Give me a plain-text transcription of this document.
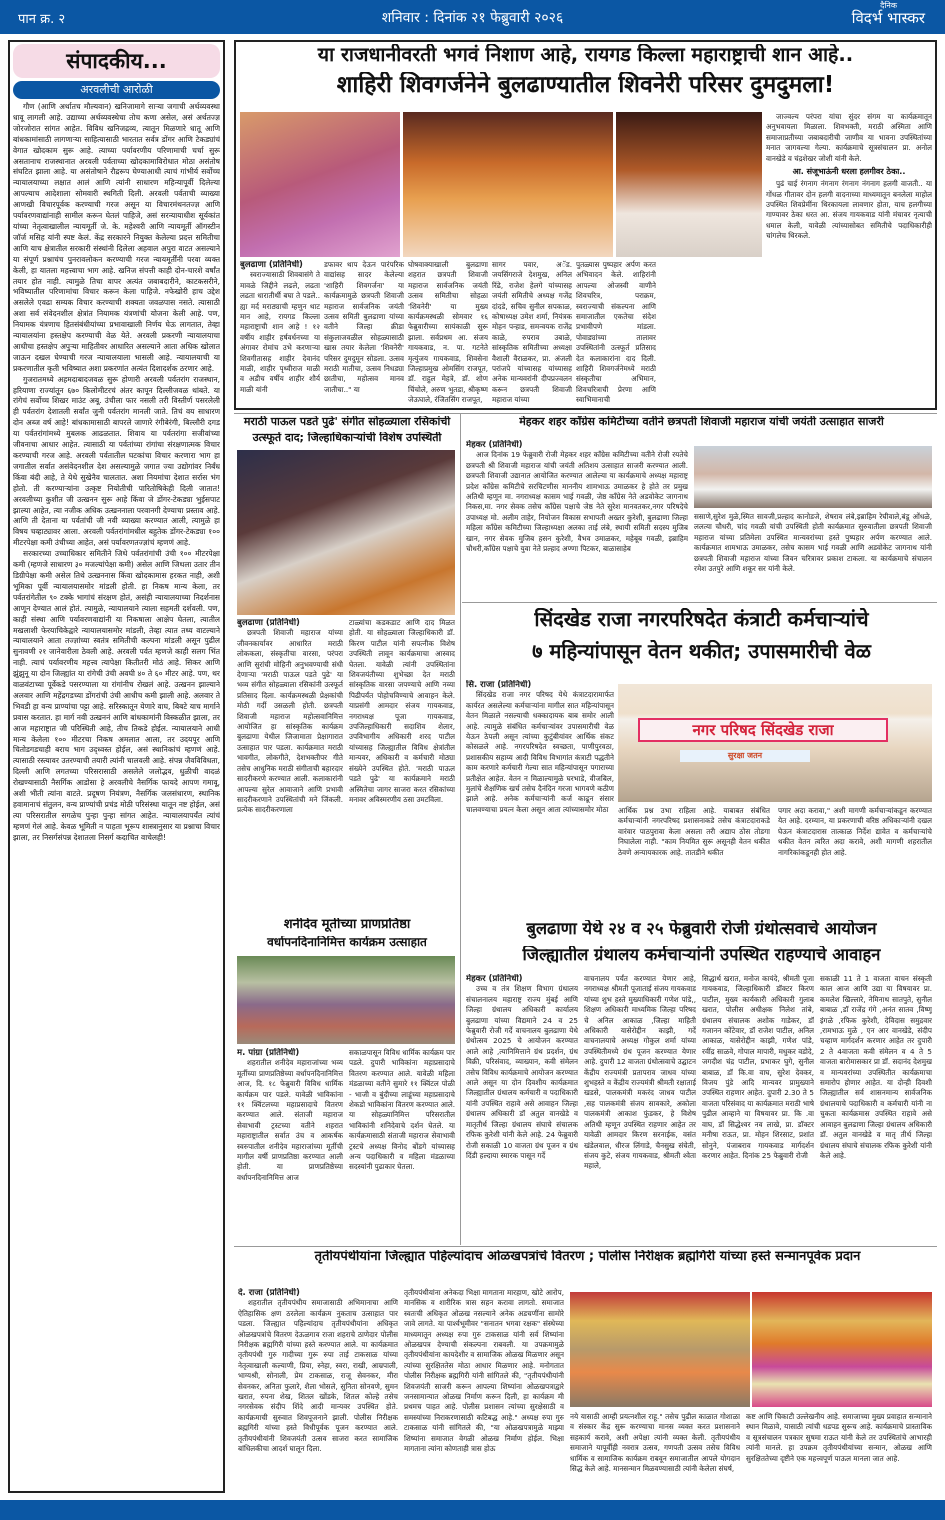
पान क्र. २	शनिवार : दिनांक २१ फेब्रुवारी २०२६
दैनिक
विदर्भ भास्कर
संपादकीय...
अरवलीची आरोळी

गौण (आणि अर्थातच मौल्यवान) खनिजामागे साऱ्या जगाची अर्थव्यवस्था धावू लागली आहे. उद्याच्या अर्थव्यवस्थेचा तोच कणा असेल, असं अर्थतज्ज्ञ जोरजोरात सांगत आहेत. विविध खनिजद्रव्य, त्यातून मिळणारे धातू आणि बांधकामांसाठी लागणाऱ्या साहित्यासाठी भारतात सर्वत्र डोंगर आणि टेकड्यांचं वेगात खोदकाम सुरू आहे. त्याच्या पर्यावरणीय परिणामाची चर्चा सुरू असतानाच राजस्थानात अरवली पर्वताच्या खोदकामाविरोधात मोठा असंतोष संघटित झाला आहे. या असंतोषाने रौद्ररूप घेण्याआधी त्याचं गांभीर्य सर्वोच्च न्यायालयाच्या लक्षात आलं आणि त्यांनी साधारण महिन्यापूर्वी दिलेल्या आपल्याच आदेशाला सोमवारी स्थगिती दिली. अरवली पर्वताची व्याख्या आणखी विचारपूर्वक करण्याची गरज असून या विचारमंथनतज्ज्ञ आणि पर्यावरणवाद्यांनाही सामील करून घेतलं पाहिजे, असं सरन्यायाधीश सूर्यकांत यांच्या नेतृत्वाखालील न्यायमूर्ती जे. के. महेश्वरी आणि न्यायमूर्ती ऑगस्टीन जॉर्ज मसिह यांनी स्पष्ट केलं. केंद्र सरकारने नियुक्त केलेल्या प्रदत्त समितीचा आणि याच क्षेत्रातील सरकारी संस्थांनी दिलेला अहवाल अपुरा वाटत असल्याने या संपूर्ण प्रश्नाचंच पुनरावलोकन करण्याची गरज न्यायमूर्तींनी परवा व्यक्त केली, हा यातला महत्त्वाचा भाग आहे. खनिज संपत्ती काही दोन-चारशे वर्षांत तयार होत नाही. त्यामुळे तिचा वापर अत्यंत जबाबदारीने, काटकसरीने, भविष्यातील परिणामांचा विचार करून केला पाहिजे. नफेखोरी हाच उद्देश असलेले एवढा सम्यक विचार करण्याची शक्यता जवळपास नसते. त्यासाठी अशा सर्व संवेदनशील क्षेत्रांत नियामक यंत्रणांची योजना केली आहे. पण, नियामक यंत्रणाच हितसंबंधीयांच्या प्रभावाखाली निर्णय घेऊ लागतात, तेव्हा न्यायालयांना हस्तक्षेप करण्याची वेळ येते. अरवली प्रकरणी न्यायालयाचा आधीचा हस्तक्षेप अपुऱ्या माहितीवर आधारित असल्याने आता अधिक खोलात जाऊन दखल घेण्याची गरज न्यायालयाला भासली आहे. न्यायालयाची या प्रकरणातील कृती भविष्यात अशा प्रकरणांत अत्यंत दिशादर्शक ठरणार आहे.

गुजरातमध्ये अहमदाबादजवळ सुरू होणारी अरवली पर्वतरांग राजस्थान, हरियाणा राज्यांतून ६७० किलोमीटरचं अंतर कापून दिल्लीजवळ थांबते. या रांगेचं सर्वोच्च शिखर माउंट अबू. उंचीला फार नसली तरी विस्तीर्ण पसरलेली ही पर्वतरांग देशातली सर्वांत जुनी पर्वतरांग मानली जाते. तिचं वय साधारण दोन अब्ज वर्ष आहे! बांधकामासाठी बापरले जाणारे रंगीबेरंगी, बिल्लौरी दगड या पर्वतरांगांमध्ये मुबलक आढळतात. शिवाय या पर्वतरांगा सजीवांच्या जीवनाचा आधार आहेत. त्यासाठी या पर्वतांच्या रांगांचा संरक्षणात्मक विचार करण्याची गरज आहे. अरवली पर्वतातील घटकांचा विचार करणारा भाग हा जगातील सर्वात असंवेदनशील देश असल्यामुळे जगात ज्या उद्योगांवर निर्बंध किंवा बंदी आहे, ते येथे सुखेनैव चालतात. अशा नियमांचा देशात सर्रास भंग होतो. ती करण्याऱ्यांना उत्कृष्ट नियोतीची पारितोषिकेही दिली जातात! अरवलीच्या कुशीत जी उत्खनन सुरू आहे किंवा जे डोंगर-टेकड्या भुईसपाट झाल्या आहेत, त्या नजीक अधिक उत्खननाला परवानगी देण्याचा प्रस्ताव आहे. आणि ती देताना या पर्वतांची जी नवी व्याख्या करण्यात आली, त्यामुळे हा विषय चव्हाट्यावर आला. अरवली पर्वतरांगांमधील बहुतेक डोंगर-टेकड्या १०० मीटरपेक्षा कमी उंचीच्या आहेत, असं पर्यावरणतज्ज्ञांचं म्हणणं आहे.

सरकारच्या उच्चाधिकार समितीने जिथे पर्वतरांगांची उंची १०० मीटरपेक्षा कमी (म्हणजे साधारण ३० मजल्यांपेक्षा कमी) असेल आणि जिथला उतार तीन डिग्रीपेक्षा कमी असेल तिथे उत्खननास किंवा खोदकामास हरकत नाही, अशी भूमिका पूर्वी न्यायालयासमोर मांडली होती. हा निकष मान्य केला, तर पर्वतरांगेतील ९० टक्के भागांचं संरक्षण होतं, असंही न्यायालयाच्या निदर्शनास आणून देण्यात आलं होतं. त्यामुळे, न्यायालयाने त्याला सहमती दर्शवली. पण, काही संस्था आणि पर्यावरणवाद्यांनी या निकषाला आक्षेप घेतला, त्यातील मखलाशी फेरयाचिकेद्वारे न्यायालयासमोर मांडली, तेव्हा त्यात तथ्य वाटल्याने न्यायालयाने आता तज्ज्ञांच्या स्वतंत्र समितीची कल्पना मांडली असून पुढील सुनावणी २१ जानेवारीला ठेवली आहे. अरवली पर्वत म्हणजे काही सलग भिंत नाही. त्याचं पर्यावरणीय महत्त्व त्यापेक्षा कितीतरी मोठं आहे. सिकर आणि झुंझुनू या दोन जिल्ह्यांत या रांगेची उंची अवघी ४० ते ६० मीटर आहे. पण, थर वाळवंटाच्या पूर्वेकडे पसरण्याला या रांगांनीच रोखलं आहे. उत्खनन झाल्याने अलवार आणि महेंद्रगडच्या डोंगरांची उंची आधीच कमी झाली आहे. अलवार ते भिवडी हा वन्य प्राण्यांचा पट्टा आहे. सरिस्कातून येणारे वाघ, बिबटे याच मार्गाने प्रवास करतात. हा मार्ग नवी उत्खननं आणि बांधकामांनी विस्कळीत झाला, तर आज महाराष्ट्रात जी परिस्थिती आहे, तीच तिकडे होईल. न्यायालयाने आधी मान्य केलेला १०० मीटरचा निकष अमलात आला, तर उदयपूर आणि चितोडगडचाही बराच भाग उद्ध्वस्त होईल, असं स्थानिकांचं म्हणणं आहे. त्यासाठी रस्त्यावर उतरण्याची तयारी त्यांनी चालवली आहे. संपन्न जैवविविधता, दिल्ली आणि लगतच्या परिसरासाठी असलेले जलोद्भव, धुळीची वादळं रोखण्यासाठी नैसर्गिक आडोसा हे अरवलीचे नैसर्गिक फायदे आपण गमावू, अशी भीती त्यांना वाटते. प्रदूषण नियंत्रण, नैसर्गिक जलसंधारण, स्थानिक हवामानाचं संतुलन, वन्य प्राण्यांची प्रचंड मोठी परिसंस्था यातून नष्ट होईल, असं त्या परिसरातील सगळेच पुन्हा पुन्हा सांगत आहेत. न्यायालयापर्यंत त्यांचं म्हणणं गेलं आहे. केवळ भूमिती न पाहता भूरूप शास्त्रानुसार या प्रश्नाचा विचार झाला, तर निसर्गसंपन्न देशातला निसर्ग कदाचित वाचेलही!

या राजधानीवरती भगवं निशाण आहे, रायगड किल्ला महाराष्ट्राची शान आहे..
शाहिरी शिवगर्जनेने बुलढाण्यातील शिवनेरी परिसर दुमदुमला!
बुलढाणा (प्रतिनिधी)

स्वराज्यासाठी शिवबासंगे ते मावळे जिद्दीने लढले, लढता लढता धारातीर्थी बघा ते पडले.. ह्या मर्द मराठ्याची म्हणुन थाट मान आहे, रायगड किल्ला महाराष्ट्राची शान आहे ! १२ वर्षीय शाहीर हर्षवर्धनच्या या अंगावर रोमांच उभे करणाऱ्या शिवगीतासह शाहीर देवानंद माळी, शाहीर पृथ्वीराज माळी व अडीच वर्षीय शाहीर शौर्य माळी यांनी

डफावर थाप देऊन पारंपरिक वाद्यांसह सादर केलेल्या 'शाहिरी शिवगर्जना' या कार्यक्रमामुळे छत्रपती शिवाजी महाराज सार्वजनिक जयंती उत्सव समिती बुलढाणा यांच्या वतीने जिल्हा क्रीडा संकुलाजवळील सोहळ्यासाठी खास तयार केलेला 'शिवनेरी' परिसर दुमदुमून सोडला. उत्सव मराठी मातीचा, उत्सव निधड्या छातीचा, महोत्सव मानव जातीचा.." या

घोषवाक्याखाली बुलढाणा शहरात छत्रपती शिवाजी महाराज सार्वजनिक जयंती उत्सव समितीचा सोहळा 'शिवनेरी' या मुख्य कार्यक्रमस्थळी सोमवार १६ फेब्रुवारीच्या सायंकाळी सुरू झाला. सर्वप्रथम आ. संजय गायकवाड, न. पा. गटनेते मृत्युंजय गायकवाड, शिवसेना जिल्हाप्रमुख ओमसिंग राजपूत, डॉ. राहुल मेहत्रे, डॉ. शोण चिंचोले, अरुण भुतडा, श्रीकृष्ण जेऊघाले, रंजितसिंग राजपूत,

सागर पवार, अॅड. जयसिंगराजे देशमुख, अनिल रिंढे, राजेश हेलगे यांच्यासह जयंती समितीचे अध्यक्ष गजेंद्र दांदडे, सचिव सुनील सपकाळ, कोषाध्यक्ष उमेश शर्मा, नियंत्रक मोहन पन्हाड, समन्वयक राजेंद्र काळे, रुपराव उबाळे, सांस्कृतिक समितीच्या अध्यक्षा वैशाली वैराळकर, प्रा. अंजली परांजपे यांच्यासह यांच्यासह अनेक मान्यवरांनी दीपप्रज्वलन करून छत्रपती शिवाजी महाराज यांच्या

पुतळ्यास पुष्पहार अर्पण करत अभिवादन केले. शाहिरांनी आपल्या ओजस्वी वाणीने शिवचरित्र, पराक्रम, स्वराज्याची संकल्पना आणि समाजातील एकतेचा संदेश प्रभावीपणे मांडला. पोवाड्यांच्या तालावर उपस्थितांनी उत्स्फूर्त प्रतिसाद देत कलाकारांना दाद दिली. शाहिरी शिवगर्जनेमध्ये मराठी संस्कृतीचा अभिमान, शिवचरित्राची प्रेरणा आणि स्वाभिमानाची

जाज्वल्य परंपरा यांचा सुंदर संगम या कार्यक्रमातून अनुभवायला मिळाला. शिवभक्ती, मराठी अस्मिता आणि समाजाप्रतीच्या जबाबदारीची जाणीव या भावना उपस्थितांच्या मनात जागवल्या गेल्या. कार्यक्रमाचे सूत्रसंचालन प्रा. अनोल वानखेडे व चंद्रशेखर जोशी यांनी केले.

आ. संजूभाऊंनी धरला हलगीवर ठेका..

पुढं चाई रंगनाग नंगनाग रंगनाग नंगनाग हलगी वाजती.. या गोंधळ गीतावर दोन हलगी वादनाच्या माध्यमातून बनलेला माहोल उपस्थित शिवप्रेमींना थिरकायला लावणार होता, याच हलगीच्या गाण्यावर ठेका धरत आ. संजय गायकवाड यांनी मंचावर नृत्याची धमाल केली, यावेळी त्यांच्यासोबत समितीचे पदाधिकारीही चांगलेच थिरकले.

मराठी पाऊल पडते पुढे' संगीत सोहळ्याला रसिकांची
उत्स्फूर्त दाद; जिल्हाधिकाऱ्यांची विशेष उपस्थिती
बुलढाणा (प्रतिनिधी)

छत्रपती शिवाजी महाराज यांच्या जीवनकार्यावर आधारित मराठी लोककला, संस्कृतीचा वारसा, परंपरा आणि सुरांची मोहिनी अनुभवण्याची संधी देणाऱ्या 'मराठी पाऊल पडते पुढे' या भव्य संगीत सोहळ्याला रसिकांनी उत्स्फूर्त प्रतिसाद दिला. कार्यक्रमस्थळी प्रेक्षकांची मोठी गर्दी उसळली होती. छत्रपती शिवाजी महाराज महोत्सवानिमित्त आयोजित हा सांस्कृतिक कार्यक्रम बुलढाणा येथील जिजामाता प्रेक्षागारात उत्साहात पार पडला. कार्यक्रमात मराठी भावगीत, लोकगीते, देशभक्तीपर गीते तसेच आधुनिक मराठी संगीताची बहारदार सादरीकरणे करण्यात आली. कलाकारांनी आपल्या सुरेल आवाजाने आणि प्रभावी सादरीकरणाने उपस्थितांची मने जिंकली. प्रत्येक सादरीकरणाला

टाळ्यांचा कडकडाट आणि दाद मिळत होती. या सोहळ्याला जिल्हाधिकारी डॉ. किरण पाटील यांनी सपत्नीक विशेष उपस्थिती लावून कार्यक्रमाचा आस्वाद घेतला. यावेळी त्यांनी उपस्थितांना शिवजयंतीच्या शुभेच्छा देत मराठी सांस्कृतिक वारसा जपण्याचे आणि नव्या पिढीपर्यंत पोहोचविण्याचे आवाहन केले. याप्रसंगी आमदार संजय गायकवाड, नगराध्यक्ष पूजा गायकवाड, उपजिल्हाधिकारी सदाशिव शेलार, उपविभागीय अधिकारी शरद पाटील यांच्यासह जिल्ह्यातील विविध क्षेत्रांतील मान्यवर, अधिकारी व कर्मचारी मोठ्या संख्येने उपस्थित होते. 'मराठी पाऊल पडते पुढे' या कार्यक्रमाने मराठी अस्मितेचा जागर साजरा करत रसिकांच्या मनावर अविस्मरणीय ठसा उमटविला.

मेहकर शहर काँग्रेस कमिटीच्या वतीने छत्रपती शिवाजी महाराज यांची जयंती उत्साहात साजरी
मेहकर (प्रतिनिधी)

आज दिनांक 19 फेब्रुवारी रोजी मेहकर शहर काँग्रेस कमिटीच्या वतीने रोजी रयतेचे छत्रपती श्री शिवाजी महाराज यांची जयंती अतिशय उत्साहात साजरी करण्यात आली. छत्रपती शिवाजी उद्यानात आयोजित करण्यात आलेल्या या कार्यक्रमाचे अध्यक्ष महाराष्ट्र प्रदेश काँग्रेस कमिटीचे सरचिटणीस माननीय शामभाऊ उमाळकर हे होते तर प्रमुख अतिथी म्हणून मा. नगराध्यक्ष कासम भाई गवळी, जेष्ठ काँग्रेस नेते अडवोकेट जागनाथ निकस,मा. नगर सेवक तसेच काँग्रेस पक्षाचे जेष्ठ नेते सुरेश मानवतकर,नगर परिषदेचे उपाध्यक्ष मो. अलीम ताहेर, नियोजन विकास सभापती अख्तर कुरेशी, बुलढाणा जिल्हा महिला काँग्रेस कमिटीच्या जिल्हाध्यक्षा अलका ताई लंबे, स्थायी समिती सदस्य मुजिब खान, नगर सेवक मुजिब हसन कुरेशी, वैभव उमाळकर, महेबूब गवळी, इब्राहिम चौधरी,काँग्रेस पक्षाचे युवा नेते प्रल्हाद अण्णा पिटकर, बाळासाहेब

ससाणे,सुरेश मुळे,स्मित सावजी,प्रल्हाद कानोडजे, शेषराव लंबे,इब्राहिम रेघीवाले,बंडू ओंधळे, ललत्या चौधरी, चांद गवळी यांची उपस्थिती होती कार्यक्रमात सुरुवातीला छत्रपती शिवाजी महाराज यांच्या प्रतिमेला उपस्थित मान्यवरांच्या हस्ते पुष्पहार अर्पण करण्यात आले. कार्यक्रमात शामभाऊ उमाळकर, तसेच कासम भाई गवळी आणि अडवोकेट जागनाथ यांनी छत्रपती शिवाजी महाराज यांच्या जिवन चरित्रावर प्रकाश टाकला. या कार्यक्रमाचे संचालन रमेश उतपुरे आणि शकूर सर यांनी केले.

सिंदखेड राजा नगरपरिषदेत कंत्राटी कर्मचाऱ्यांचे
७ महिन्यांपासून वेतन थकीत; उपासमारीची वेळ
सि. राजा (प्रतिनिधी)

सिंदखेड राजा नगर परिषद येथे कंत्राटदारामार्फत कार्यरत असलेल्या कर्मचाऱ्यांना मागील सात महिन्यांपासून वेतन मिळाले नसल्याची धक्कादायक बाब समोर आली आहे. त्यामुळे संबंधित कर्मचाऱ्यांवर उपासमारीची वेळ येऊन ठेपली असून त्यांच्या कुटुंबीयांवर आर्थिक संकट कोसळले आहे. नगरपरिषदेत स्वच्छता, पाणीपुरवठा, प्रशासकीय सहाय्य आदी विविध विभागांत कंत्राटी पद्धतीने काम करणारे कर्मचारी गेल्या सात महिन्यांपासून पगाराच्या प्रतीक्षेत आहेत. वेतन न मिळाल्यामुळे घरभाडे, वीजबिल, मुलांचे शैक्षणिक खर्च तसेच दैनंदिन गरजा भागवणे कठीण झाले आहे. अनेक कर्मचाऱ्यांनी कर्ज काढून संसार चालवण्याचा प्रयत्न केला असून आता त्यांच्यासमोर मोठा

नगर परिषद सिंदखेड राजा
सुरक्षा जतन

आर्थिक प्रश्न उभा राहिला आहे. याबाबत संबंधित कर्मचाऱ्यांनी नगरपरिषद प्रशासनाकडे तसेच कंत्राटदाराकडे वारंवार पाठपुरावा केला असला तरी अद्याप ठोस तोडगा निघालेला नाही. "काम नियमित सुरू असूनही वेतन थकीत ठेवणे अन्यायकारक आहे. तातडीने थकीत

पगार अदा करावा," अशी मागणी कर्मचाऱ्यांकडून करण्यात येत आहे. दरम्यान, या प्रकरणाची वरिष्ठ अधिकाऱ्यांनी दखल घेऊन कंत्राटदारास तात्काळ निर्देश द्यावेत व कर्मचाऱ्यांचे थकीत वेतन त्वरित अदा करावे, अशी मागणी शहरातील नागरिकांकडूनही होत आहे.

शनीदेव मूर्तीच्या प्राणप्रतिष्ठा
वर्धापनदिनानिमित्त कार्यक्रम उत्साहात
म. पांग्रा (प्रतिनिधी)

शहरातील शनीदेव महाराजांच्या भव्य मूर्तीच्या प्राणप्रतिष्ठेच्या वर्धापनदिनानिमित्त आज, दि. १८ फेब्रुवारी विविध धार्मिक कार्यक्रम पार पडले. यावेळी भाविकांना ११ क्विंटलच्या महाप्रसादाचे वितरण करण्यात आले. संताजी महाराज सेवाभावी ट्रस्टच्या वतीने शहरात महाराष्ट्रातील सर्वात उंच व आकर्षक स्वरुपातील शनीदेव महाराजांच्या मूर्तीची मागील वर्षी प्राणप्रतिष्ठा करण्यात आली होती. या प्राणप्रतिष्ठेच्या वर्धापनदिनानिमित्त आज

सकाळपासून विविध धार्मिक कार्यक्रम पार पडले. दुपारी भाविकांना महाप्रसादाचे वितरण करण्यात आले. यावेळी महिला मंडळाच्या वतीने सुमारे ११ क्विंटल पोळी - भाजी व बुंदीच्या लाडूंच्या महाप्रसादाचे शेकडो भाविकांना वितरण करण्यात आले. या सोहळ्यानिमित्त परिसरातील भाविकांनी शनिदेवाचे दर्शन घेतले. या कार्यक्रमासाठी संताजी महाराज सेवाभावी ट्रस्टचे अध्यक्ष विनोद बोंडगे यांच्यासह अन्य पदाधिकारी व महिला मंडळाच्या सदस्यांनी पुढाकार घेतला.

बुलढाणा येथे २४ व २५ फेब्रुवारी रोजी ग्रंथोत्सवाचे आयोजन
जिल्ह्यातील ग्रंथालय कर्मचाऱ्यांनी उपस्थित राहण्याचे आवाहन
मेहकर (प्रतिनिधी)

उच्च व तंत्र शिक्षण विभाग ग्रंथालय संचालनालय महाराष्ट्र राज्य मुंबई आणि जिल्हा ग्रंथालय अधिकारी कार्यालय बुलढाणा यांच्या विद्यमाने 24 व 25 फेब्रुवारी रोजी गर्दे वाचनालय बुलढाणा येथे ग्रंथोत्सव 2025 चे आयोजन करण्यात आले आहे ,त्यानिमित्ताने ग्रंथ प्रदर्शन, ग्रंथ विक्री, परिसंवाद, व्याख्यान, कवी संमेलन तसेच विविध कार्यक्रमाचे आयोजन करण्यात आले असून या दोन दिवशीय कार्यक्रमात जिल्ह्यातील ग्रंथालय कर्मचारी व पदाधिकारी यांनी उपस्थित राहावे असे आवाहन जिल्हा ग्रंथालय अधिकारी डॉ अतुल वानखेडे व मातृतीर्थ जिल्हा ग्रंथालय संघाचे संचालक रफिक कुरेशी यांनी केले आहे. 24 फेब्रुवारी रोजी सकाळी 10 वाजता ग्रंथ पूजन व ग्रंथ दिंडी हल्दाया स्मारक पासून गर्दे

वाचनालय पर्यंत करण्यात येणार आहे, नगराध्यक्ष श्रीमती पूजाताई संजय गायकवाड यांच्या शुभ हस्ते मुख्याधिकारी गणेश पांडे,, शिक्षण अधिकारी माध्यमिक जिल्हा परिषद चे अनिल आकाळ ,जिल्हा माहिती अधिकारी यासेरोद्दीन काझी, गर्दे वाचनालयाचे अध्यक्ष गोकुल शर्मा यांच्या उपस्थितीमध्ये ग्रंथ पूजन करण्यात येणार आहे. दुपारी 12 वाजता ग्रंथोत्सवाचे उद्घाटन केंद्रीय राज्यमंत्री प्रतापराव जाधव यांच्या शुभहस्ते व केंद्रीय राज्यमंत्री श्रीमती रक्षाताई खडसे, पालकमंत्री मकरंद जाधव पाटील ,सह पालकमंत्री संजय सावकारे, अकोला पालकमंत्री आकाश फुंडकर, हे विशेष अतिथी म्हणून उपस्थित राहणार आहेत तर यावेळी आमदार किरण सरनाईक, वसंत खंडेलवाल, धीरज लिंगाडे, चैनसुख संचेती, संजय कुटे, संजय गायकवाड, श्रीमती श्वेता महाले,

सिद्धार्थ खरात, मनोज कायंदे, श्रीमती पूजा गायकवाड, जिल्हाधिकारी डॉक्टर किरण पाटील, मुख्य कार्यकारी अधिकारी गुलाब खरात, पोलीस अधीक्षक निलेश तांबे, ग्रंथालय संचालक अशोक गाडेकर, डॉ गजानन कोंटेवार, डॉ राजेश पाटील, अनिल आकाळ, यासेरोद्दीन काझी, गणेश पांडे, रवींद्र साळवे, गोपाल मापारी, मधुकर वडोदे, जगदीश चंद्र पाटील, प्रभाकर घुगे, सुनील बाबाळ, डॉ कि.वा वाघ, सुरेश देवकर, विजय पुंडे आदि मान्यवर प्रामुख्याने उपस्थित राहणार आहेत. दुपारी 2.30 ते 5 वाजता परिसंवाद या कार्यक्रमात मराठी भाषे पुढील आव्हाने या विषयावर प्रा. कि .वा वाघ, डॉ सिद्धेश्वर नव लाखे, प्रा. डॉक्टर मनीषा राऊत, प्रा. मोहन शिरसाट, प्रशांत सोनुने, पंजाबराव गायकवाड मार्गदर्शन करणार आहेत. दिनांक 25 फेब्रुवारी रोजी

सकाळी 11 ते 1 वाजता वाचन संस्कृती काल आज आणि उद्या या विषयावर प्रा. कमलेश खिल्लारे, नेमिनाथ सातपुते, सुनील बाबाळ ,डॉ राजेंद्र गंगे ,अनंत सातव ,विष्णू इंगळे ,रफिक कुरेशी, देविदास समुद्रवार ,रामभाऊ मुळे , एन आर वानखेडे, संदीप चव्हाण मार्गदर्शन करणार आहेत तर दुपारी 2 ते 4वाजता कवी संमेलन व 4 ते 5 वाजता बारोमासकार प्रा डॉ. सदानंद देशमुख व मान्यवरांच्या उपस्थितीत कार्यक्रमाचा समारोप होणार आहेत. या दोन्ही दिवशी जिल्ह्यातील सर्व शासनमान्य सार्वजनिक ग्रंथालयाचे पदाधिकारी व कर्मचारी यांनी ना चुकता कार्यक्रमास उपस्थित राहावे असे आवाहन बुलढाणा जिल्हा ग्रंथालय अधिकारी डॉ. अतुल वानखेडे व मातृ तीर्थ जिल्हा ग्रंथालय संघाचे संचालक रफिक कुरेशी यांनी केले आहे.

तृतीयपंथीयांना जिल्ह्यात पहिल्यांदाच ओळखपत्रांचे वितरण ; पोलीस निरीक्षक ब्रह्मगिरी यांच्या हस्ते सन्मानपूर्वक प्रदान
दे. राजा (प्रतिनिधी)

शहरातील तृतीयपंथीय समाजासाठी अभिमानाचा आणि ऐतिहासिक क्षण ठरलेला कार्यक्रम नुकताच उत्साहात पार पडला. जिल्ह्यात पहिल्यांदाच तृतीयपंथीयांना अधिकृत ओळखपत्रांचे वितरण देऊळगाव राजा शहराचे ठाणेदार पोलीस निरीक्षक ब्रह्मगिरी यांच्या हस्ते करण्यात आले. या कार्यक्रमात तृतीयपंथी गुरु गादीच्या गुरू रुपा ताई टाकसाळ यांच्या नेतृत्वाखाली कल्याणी, प्रिया, स्नेहा, स्वरा, राखी, आम्रपाली, भाग्यश्री, सोनाली, प्रेम टाकसाळ, राजू सेवनकर, मीरा सेवनकर, अनिता फुलारे, शैला भोसले, सुनिता सोनवणे, सुमन खरात, रुपना शेख, शितल खोंडके, शितल कोल्हे तसेच नगरसेवक संदीप शिंदे आदी मान्यवर उपस्थित होते. कार्यक्रमाची सुरुवात शिवपूजनाने झाली. पोलीस निरीक्षक ब्रह्मगिरी यांच्या हस्ते विधीपूर्वक पूजन करण्यात आले. तृतीयपंथीयांनी शिवजयंती उत्सव साजरा करत सामाजिक बांधिलकीचा आदर्श घालून दिला.

तृतीयपंथीयांना अनेकदा भिक्षा मागताना मारहाण, खोटे आरोप, मानसिक व शारीरिक त्रास सहन करावा लागतो. समाजात स्वतःची अधिकृत ओळख नसल्याने अनेक अडचणींना सामोरे जावे लागते. या पार्श्वभूमीवर "सनातन भगवा रक्षक" संस्थेच्या माध्यमातून अध्यक्ष रुपा गुरु टाकसाळ यांनी सर्व शिष्यांना ओळखपत्र देण्याची संकल्पना राबवली. या उपक्रमामुळे तृतीयपंथीयांना कायदेशीर व सामाजिक ओळख मिळणार असून त्यांच्या सुरक्षिततेस मोठा आधार मिळणार आहे. मनोगतात पोलीस निरीक्षक ब्रह्मगिरी यांनी सांगितले की, "तृतीयपंथीयांनी शिवजयंती साजरी करून आपल्या शिष्यांना ओळखपत्राद्वारे जनसामान्यात ओळख निर्माण करून दिली, हा कार्यक्रम मी प्रथमच पाहत आहे. पोलीस प्रशासन त्यांच्या सुरक्षेसाठी व समस्यांच्या निराकरणासाठी कटिबद्ध आहे." अध्यक्ष रुपा गुरु टाकसाळ यांनी सांगितले की, "या ओळखपत्रामुळे माझ्या शिष्यांना समाजात वेगळी ओळख निर्माण होईल. भिक्षा मागताना त्यांना कोणताही त्रास होऊ

नये यासाठी आम्ही प्रयत्नशील राहू." तसेच पुढील काळात गोशाळा व संस्कार केंद्र सुरू करण्याचा मानस व्यक्त करत प्रशासनाने सहकार्य करावे, अशी अपेक्षा त्यांनी व्यक्त केली. तृतीयपंथीय समाजाने यापूर्वीही नवरात्र उत्सव, गणपती उत्सव तसेच विविध धार्मिक व सामाजिक कार्यक्रम राबवून समाजातील आपले योगदान सिद्ध केले आहे. मानसन्मान मिळवण्यासाठी त्यांनी केलेला संघर्ष,

कष्ट आणि चिकाटी उल्लेखनीय आहे. समाजाच्या मुख्य प्रवाहात सन्मानाने स्थान मिळावे, यासाठी त्यांची धडपड सुरूच आहे. कार्यक्रमाचे प्रास्ताविक व सूत्रसंचालन पत्रकार सुषमा राऊत यांनी केले तर उपस्थितांचे आभारही त्यांनी मानले. हा उपक्रम तृतीयपंथीयांच्या सन्मान, ओळख आणि सुरक्षिततेच्या दृष्टीने एक महत्त्वपूर्ण पाऊल मानला जात आहे.
